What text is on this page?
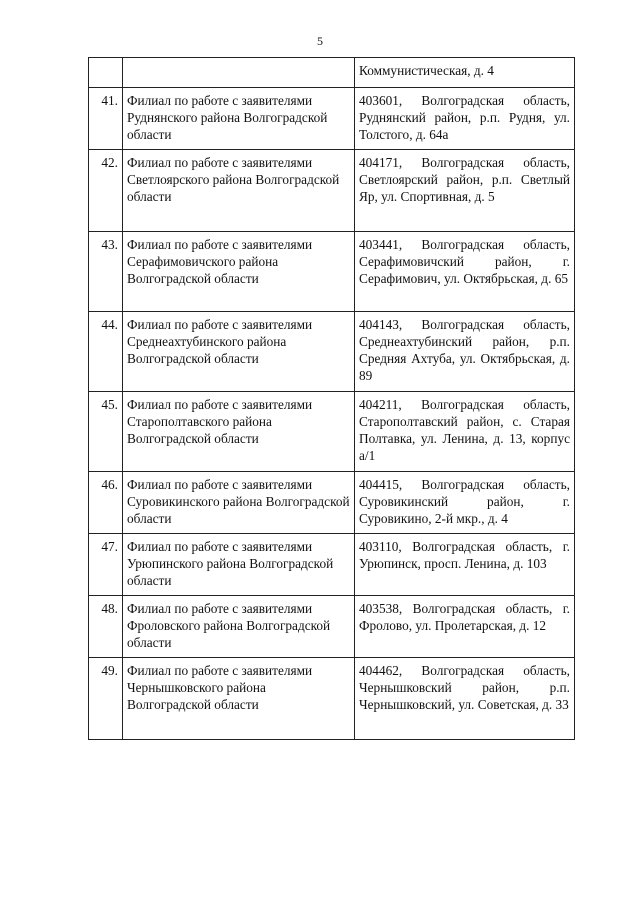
5
		Коммунистическая, д. 4
41.	Филиал по работе с заявителями Руднянского района Волгоградской области	403601, Волгоградская область, Руднянский район, р.п. Рудня, ул. Толстого, д. 64а
42.	Филиал по работе с заявителями Светлоярского района Волгоградской области	404171, Волгоградская область, Светлоярский район, р.п. Светлый Яр, ул. Спортивная, д. 5
43.	Филиал по работе с заявителями Серафимовичского района Волгоградской области	403441, Волгоградская область, Серафимовичский район, г. Серафимович, ул. Октябрьская, д. 65
44.	Филиал по работе с заявителями Среднеахтубинского района Волгоградской области	404143, Волгоградская область, Среднеахтубинский район, р.п. Средняя Ахтуба, ул. Октябрьская, д. 89
45.	Филиал по работе с заявителями Старополтавского района Волгоградской области	404211, Волгоградская область, Старополтавский район, с. Старая Полтавка, ул. Ленина, д. 13, корпус а/1
46.	Филиал по работе с заявителями Суровикинского района Волгоградской области	404415, Волгоградская область, Суровикинский район, г. Суровикино, 2-й мкр., д. 4
47.	Филиал по работе с заявителями Урюпинского района Волгоградской области	403110, Волгоградская область, г. Урюпинск, просп. Ленина, д. 103
48.	Филиал по работе с заявителями Фроловского района Волгоградской области	403538, Волгоградская область, г. Фролово, ул. Пролетарская, д. 12
49.	Филиал по работе с заявителями Чернышковского района Волгоградской области	404462, Волгоградская область, Чернышковский район, р.п. Чернышковский, ул. Советская, д. 33
